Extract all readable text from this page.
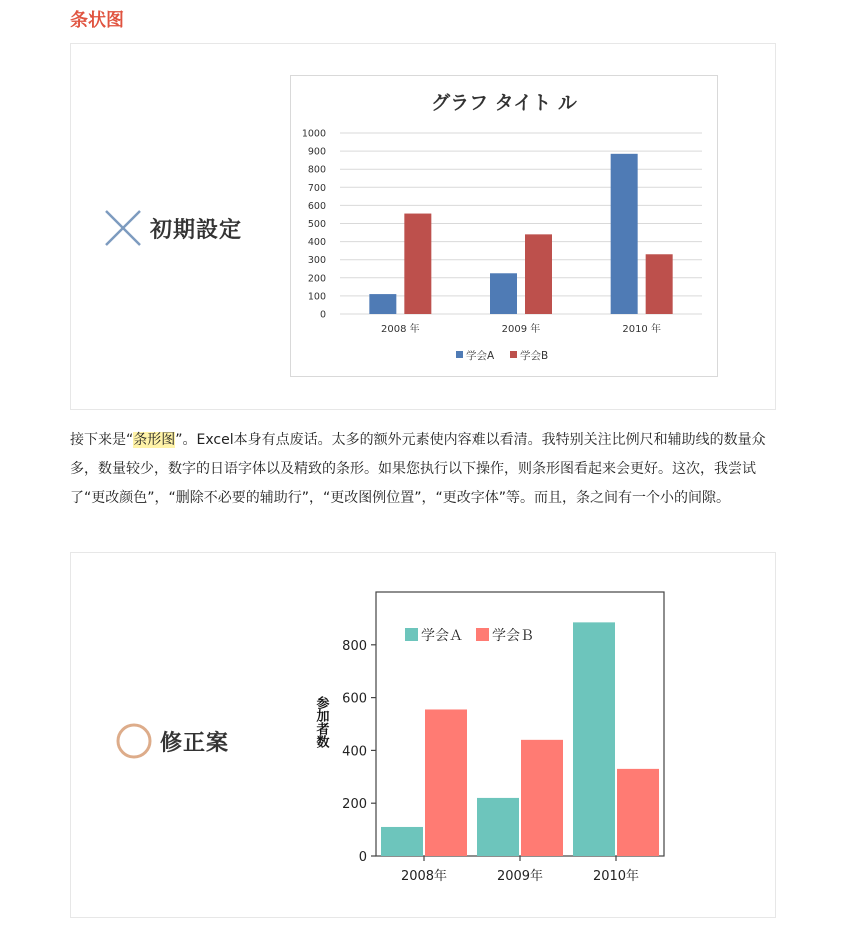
条状图
初期設定
グラフ タイト ル
0
100
200
300
400
500
600
700
800
900
1000
2008 年	2009 年	2010 年
学会A 学会B

接下来是“条形图”。Excel本身有点废话。太多的额外元素使内容难以看清。我特别关注比例尺和辅助线的数量众多，数量较少，数字的日语字体以及精致的条形。如果您执行以下操作，则条形图看起来会更好。这次，我尝试了“更改颜色”，“删除不必要的辅助行”，“更改图例位置”，“更改字体”等。而且，条之间有一个小的间隙。

修正案
0
200
400
600
800
参加者数
2008年	2009年	2010年
学会Ａ 学会Ｂ
